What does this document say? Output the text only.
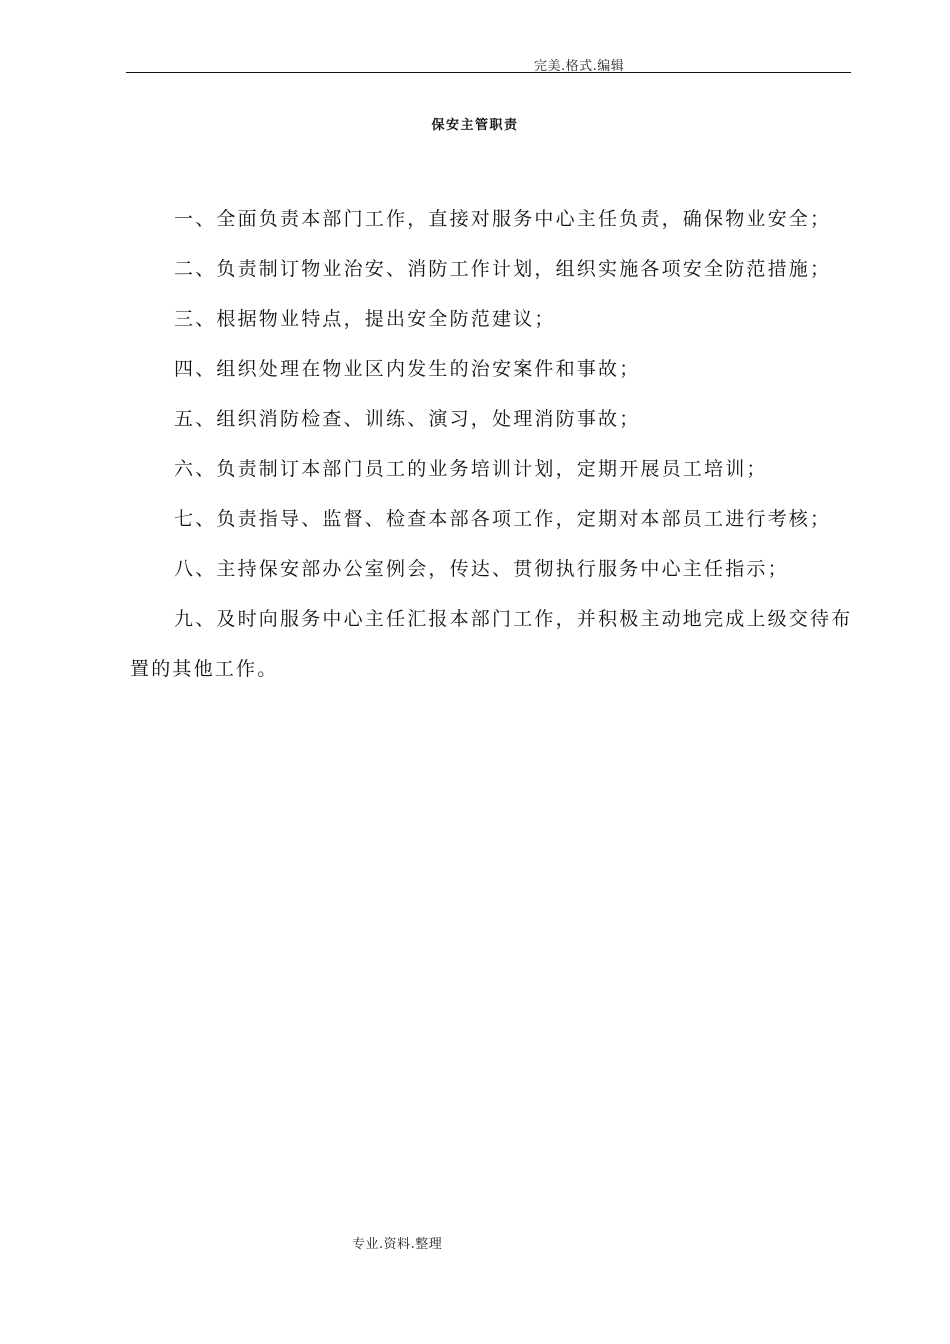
完美.格式.编辑
保安主管职责
一、全面负责本部门工作，直接对服务中心主任负责，确保物业安全；
二、负责制订物业治安、消防工作计划，组织实施各项安全防范措施；
三、根据物业特点，提出安全防范建议；
四、组织处理在物业区内发生的治安案件和事故；
五、组织消防检查、训练、演习，处理消防事故；
六、负责制订本部门员工的业务培训计划，定期开展员工培训；
七、负责指导、监督、检查本部各项工作，定期对本部员工进行考核；
八、主持保安部办公室例会，传达、贯彻执行服务中心主任指示；
九、及时向服务中心主任汇报本部门工作，并积极主动地完成上级交待布置的其他工作。
专业.资料.整理
